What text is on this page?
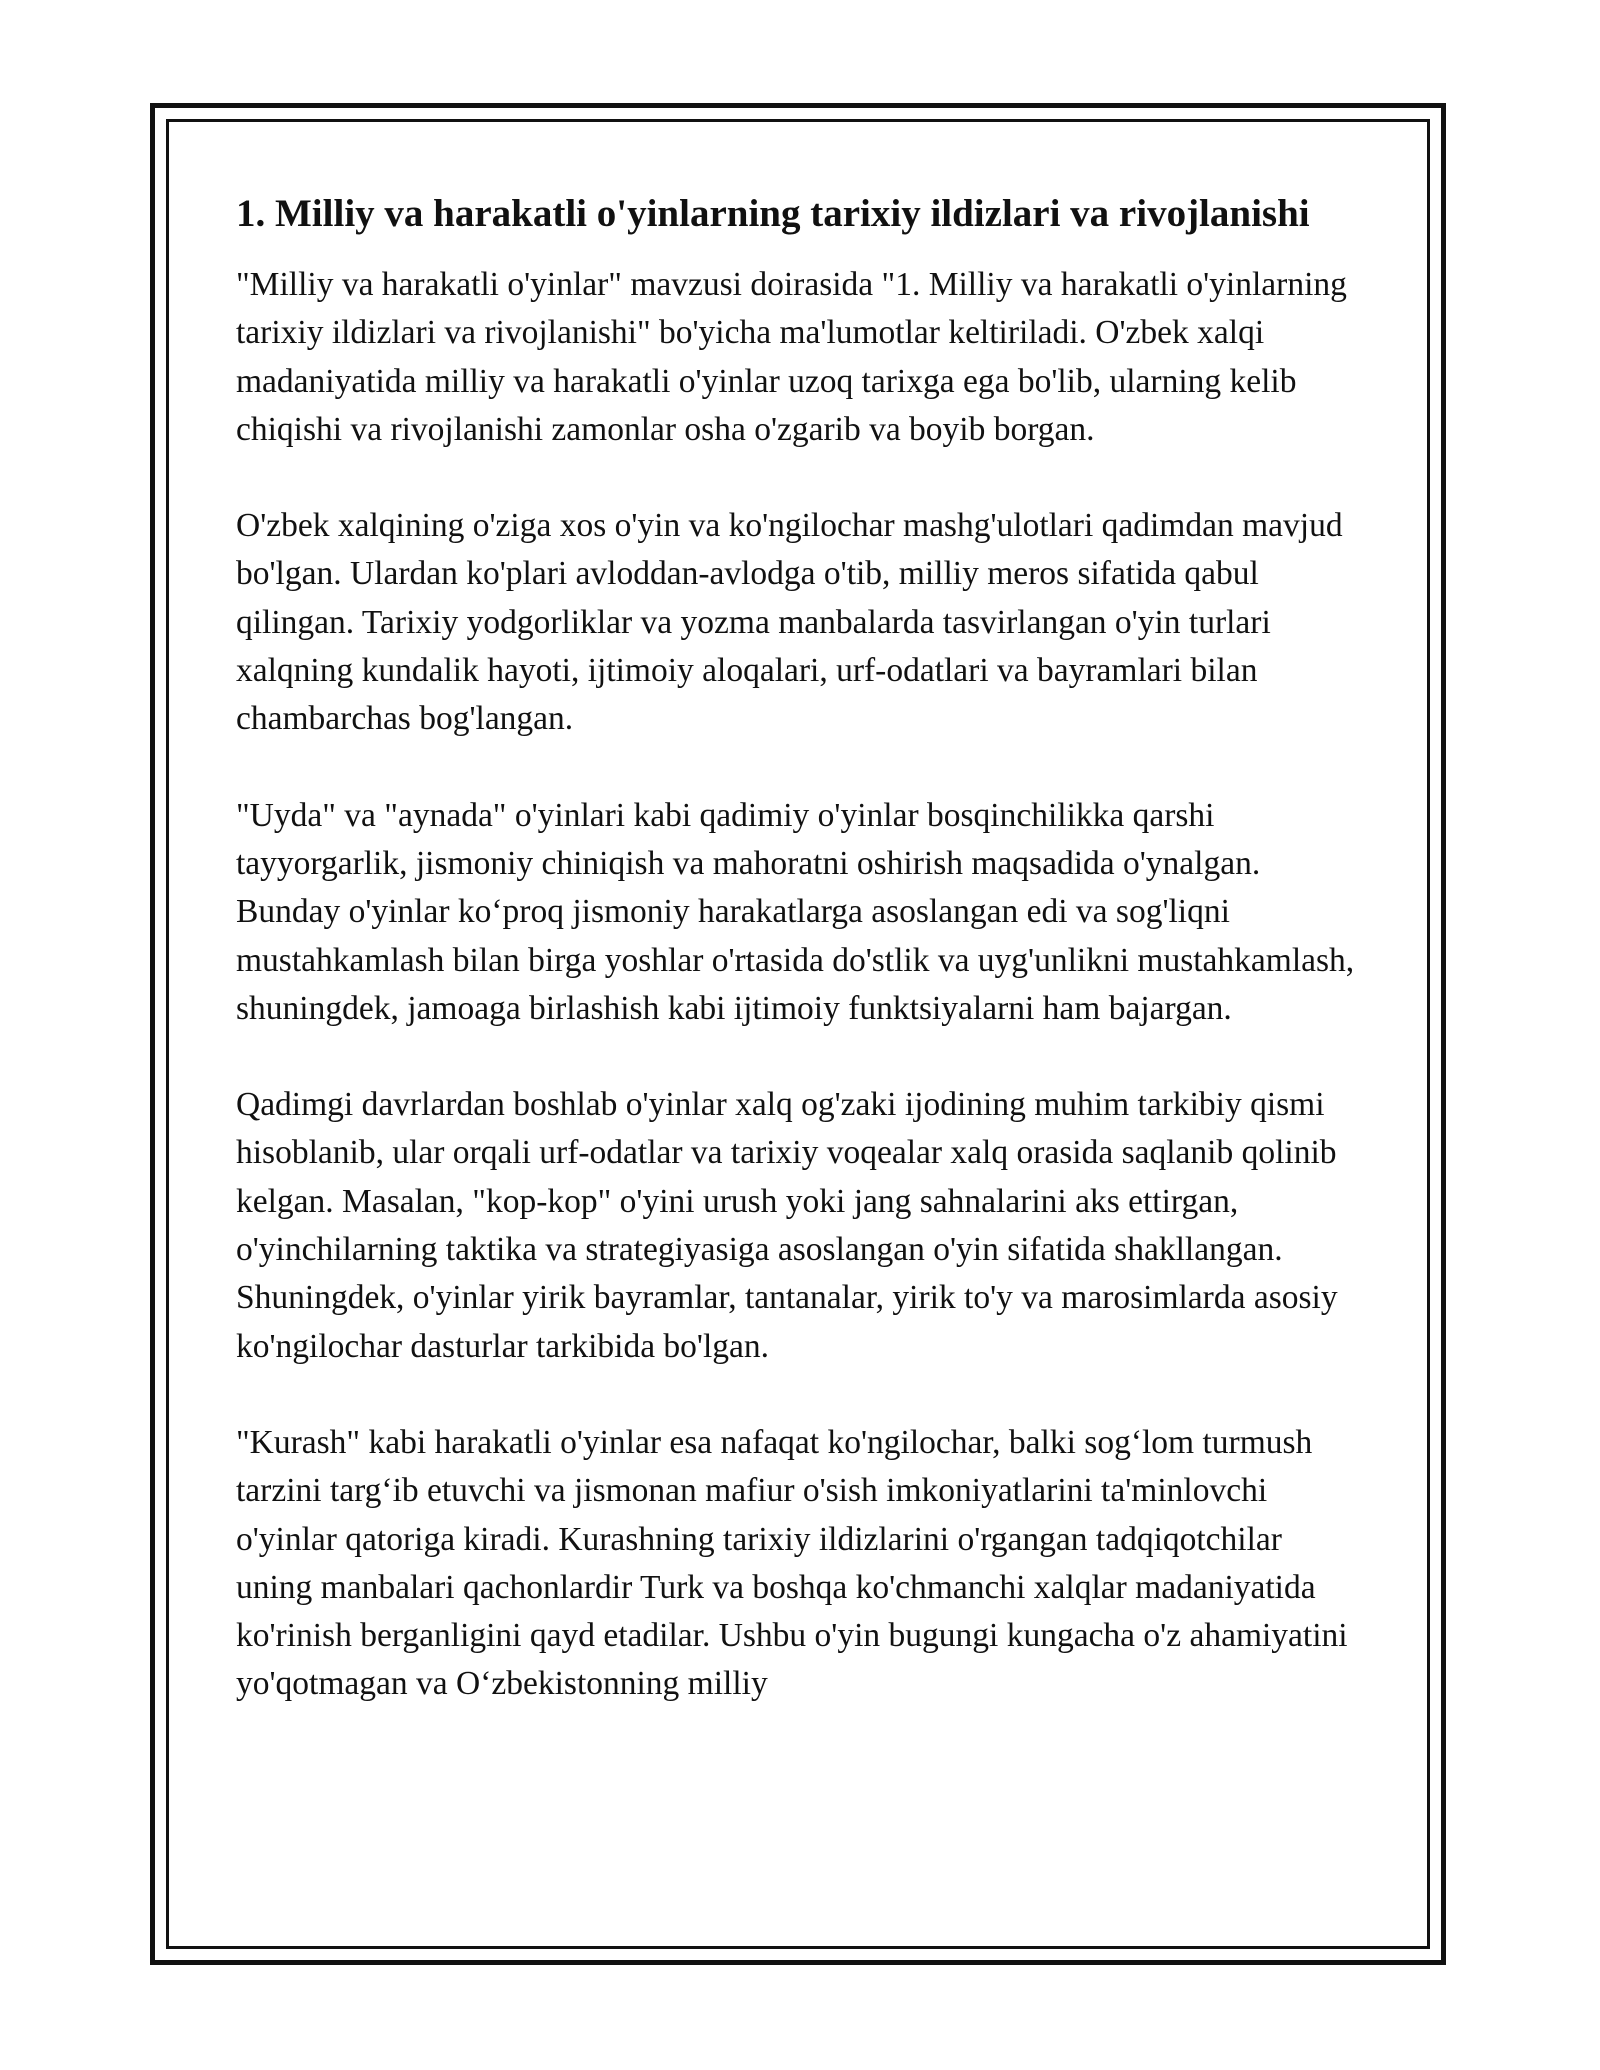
1. Milliy va harakatli o'yinlarning tarixiy ildizlari va rivojlanishi

"Milliy va harakatli o'yinlar" mavzusi doirasida "1. Milliy va harakatli o'yinlarning tarixiy ildizlari va rivojlanishi" bo'yicha ma'lumotlar keltiriladi. O'zbek xalqi madaniyatida milliy va harakatli o'yinlar uzoq tarixga ega bo'lib, ularning kelib chiqishi va rivojlanishi zamonlar osha o'zgarib va boyib borgan.

O'zbek xalqining o'ziga xos o'yin va ko'ngilochar mashg'ulotlari qadimdan mavjud bo'lgan. Ulardan ko'plari avloddan-avlodga o'tib, milliy meros sifatida qabul qilingan. Tarixiy yodgorliklar va yozma manbalarda tasvirlangan o'yin turlari xalqning kundalik hayoti, ijtimoiy aloqalari, urf-odatlari va bayramlari bilan chambarchas bog'langan.

"Uyda" va "aynada" o'yinlari kabi qadimiy o'yinlar bosqinchilikka qarshi tayyorgarlik, jismoniy chiniqish va mahoratni oshirish maqsadida o'ynalgan. Bunday o'yinlar ko‘proq jismoniy harakatlarga asoslangan edi va sog'liqni mustahkamlash bilan birga yoshlar o'rtasida do'stlik va uyg'unlikni mustahkamlash, shuningdek, jamoaga birlashish kabi ijtimoiy funktsiyalarni ham bajargan.

Qadimgi davrlardan boshlab o'yinlar xalq og'zaki ijodining muhim tarkibiy qismi hisoblanib, ular orqali urf-odatlar va tarixiy voqealar xalq orasida saqlanib qolinib kelgan. Masalan, "kop-kop" o'yini urush yoki jang sahnalarini aks ettirgan, o'yinchilarning taktika va strategiyasiga asoslangan o'yin sifatida shakllangan. Shuningdek, o'yinlar yirik bayramlar, tantanalar, yirik to'y va marosimlarda asosiy ko'ngilochar dasturlar tarkibida bo'lgan.

"Kurash" kabi harakatli o'yinlar esa nafaqat ko'ngilochar, balki sog‘lom turmush tarzini targ‘ib etuvchi va jismonan mafiur o'sish imkoniyatlarini ta'minlovchi o'yinlar qatoriga kiradi. Kurashning tarixiy ildizlarini o'rgangan tadqiqotchilar uning manbalari qachonlardir Turk va boshqa ko'chmanchi xalqlar madaniyatida ko'rinish berganligini qayd etadilar. Ushbu o'yin bugungi kungacha o'z ahamiyatini yo'qotmagan va O‘zbekistonning milliy
